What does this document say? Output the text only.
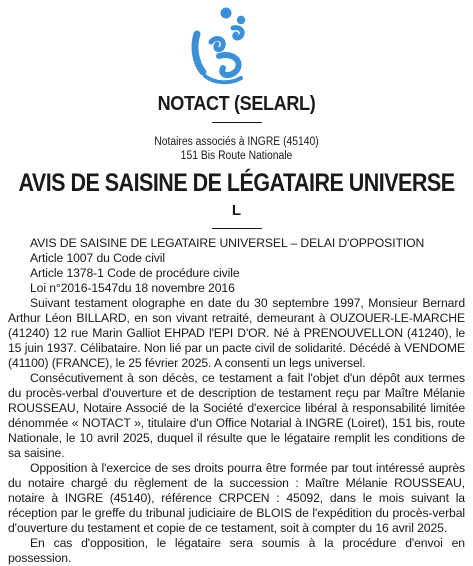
NOTACT (SELARL)
Notaires associés à INGRE (45140)
151 Bis Route Nationale
AVIS DE SAISINE DE LÉGATAIRE UNIVERSE
L

AVIS DE SAISINE DE LEGATAIRE UNIVERSEL – DELAI D'OPPOSITION

Article 1007 du Code civil

Article 1378-1 Code de procédure civile

Loi n°2016-1547du 18 novembre 2016

Suivant testament olographe en date du 30 septembre 1997, Monsieur Bernard Arthur Léon BILLARD, en son vivant retraité, demeurant à OUZOUER-LE-MARCHE (41240) 12 rue Marin Galliot EHPAD l'EPI D'OR. Né à PRENOUVELLON (41240), le 15 juin 1937. Célibataire. Non lié par un pacte civil de solidarité. Décédé à VENDOME (41100) (FRANCE), le 25 février 2025. A consenti un legs universel.

Consécutivement à son décès, ce testament a fait l'objet d'un dépôt aux termes du procès-verbal d'ouverture et de description de testament reçu par Maître Mélanie ROUSSEAU, Notaire Associé de la Société d'exercice libéral à responsabilité limitée dénommée « NOTACT », titulaire d'un Office Notarial à INGRE (Loiret), 151 bis, route Nationale, le 10 avril 2025, duquel il résulte que le légataire remplit les conditions de sa saisine.

Opposition à l'exercice de ses droits pourra être formée par tout intéressé auprès du notaire chargé du règlement de la succession : Maître Mélanie ROUSSEAU, notaire à INGRE (45140), référence CRPCEN : 45092, dans le mois suivant la réception par le greffe du tribunal judiciaire de BLOIS de l'expédition du procès-verbal d'ouverture du testament et copie de ce testament, soit à compter du 16 avril 2025.

En cas d'opposition, le légataire sera soumis à la procédure d'envoi en possession.
